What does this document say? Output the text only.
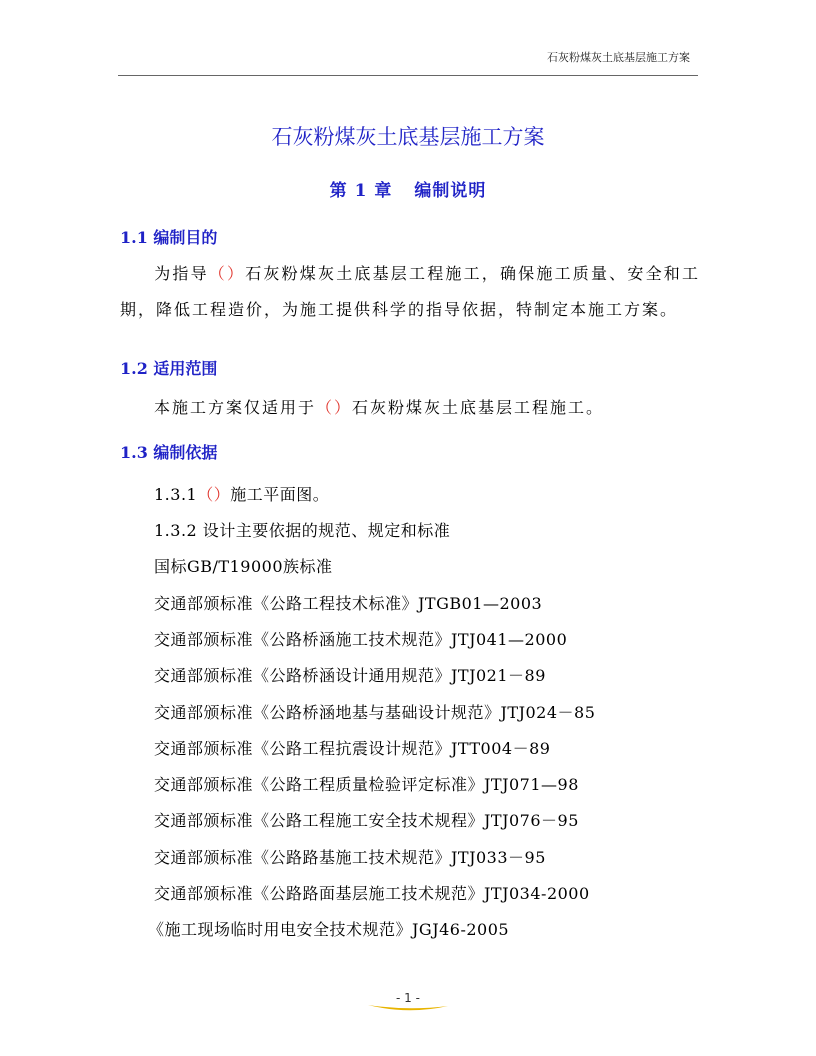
石灰粉煤灰土底基层施工方案
石灰粉煤灰土底基层施工方案
第 1 章 编制说明
1.1 编制目的
为指导（）石灰粉煤灰土底基层工程施工，确保施工质量、安全和工期，降低工程造价，为施工提供科学的指导依据，特制定本施工方案。
1.2 适用范围
本施工方案仅适用于（）石灰粉煤灰土底基层工程施工。
1.3 编制依据
1.3.1（）施工平面图。
1.3.2 设计主要依据的规范、规定和标准
国标GB/T19000族标准
交通部颁标准《公路工程技术标准》JTGB01—2003
交通部颁标准《公路桥涵施工技术规范》JTJ041—2000
交通部颁标准《公路桥涵设计通用规范》JTJ021－89
交通部颁标准《公路桥涵地基与基础设计规范》JTJ024－85
交通部颁标准《公路工程抗震设计规范》JTT004－89
交通部颁标准《公路工程质量检验评定标准》JTJ071—98
交通部颁标准《公路工程施工安全技术规程》JTJ076－95
交通部颁标准《公路路基施工技术规范》JTJ033－95
交通部颁标准《公路路面基层施工技术规范》JTJ034-2000
《施工现场临时用电安全技术规范》JGJ46-2005
- 1 -
